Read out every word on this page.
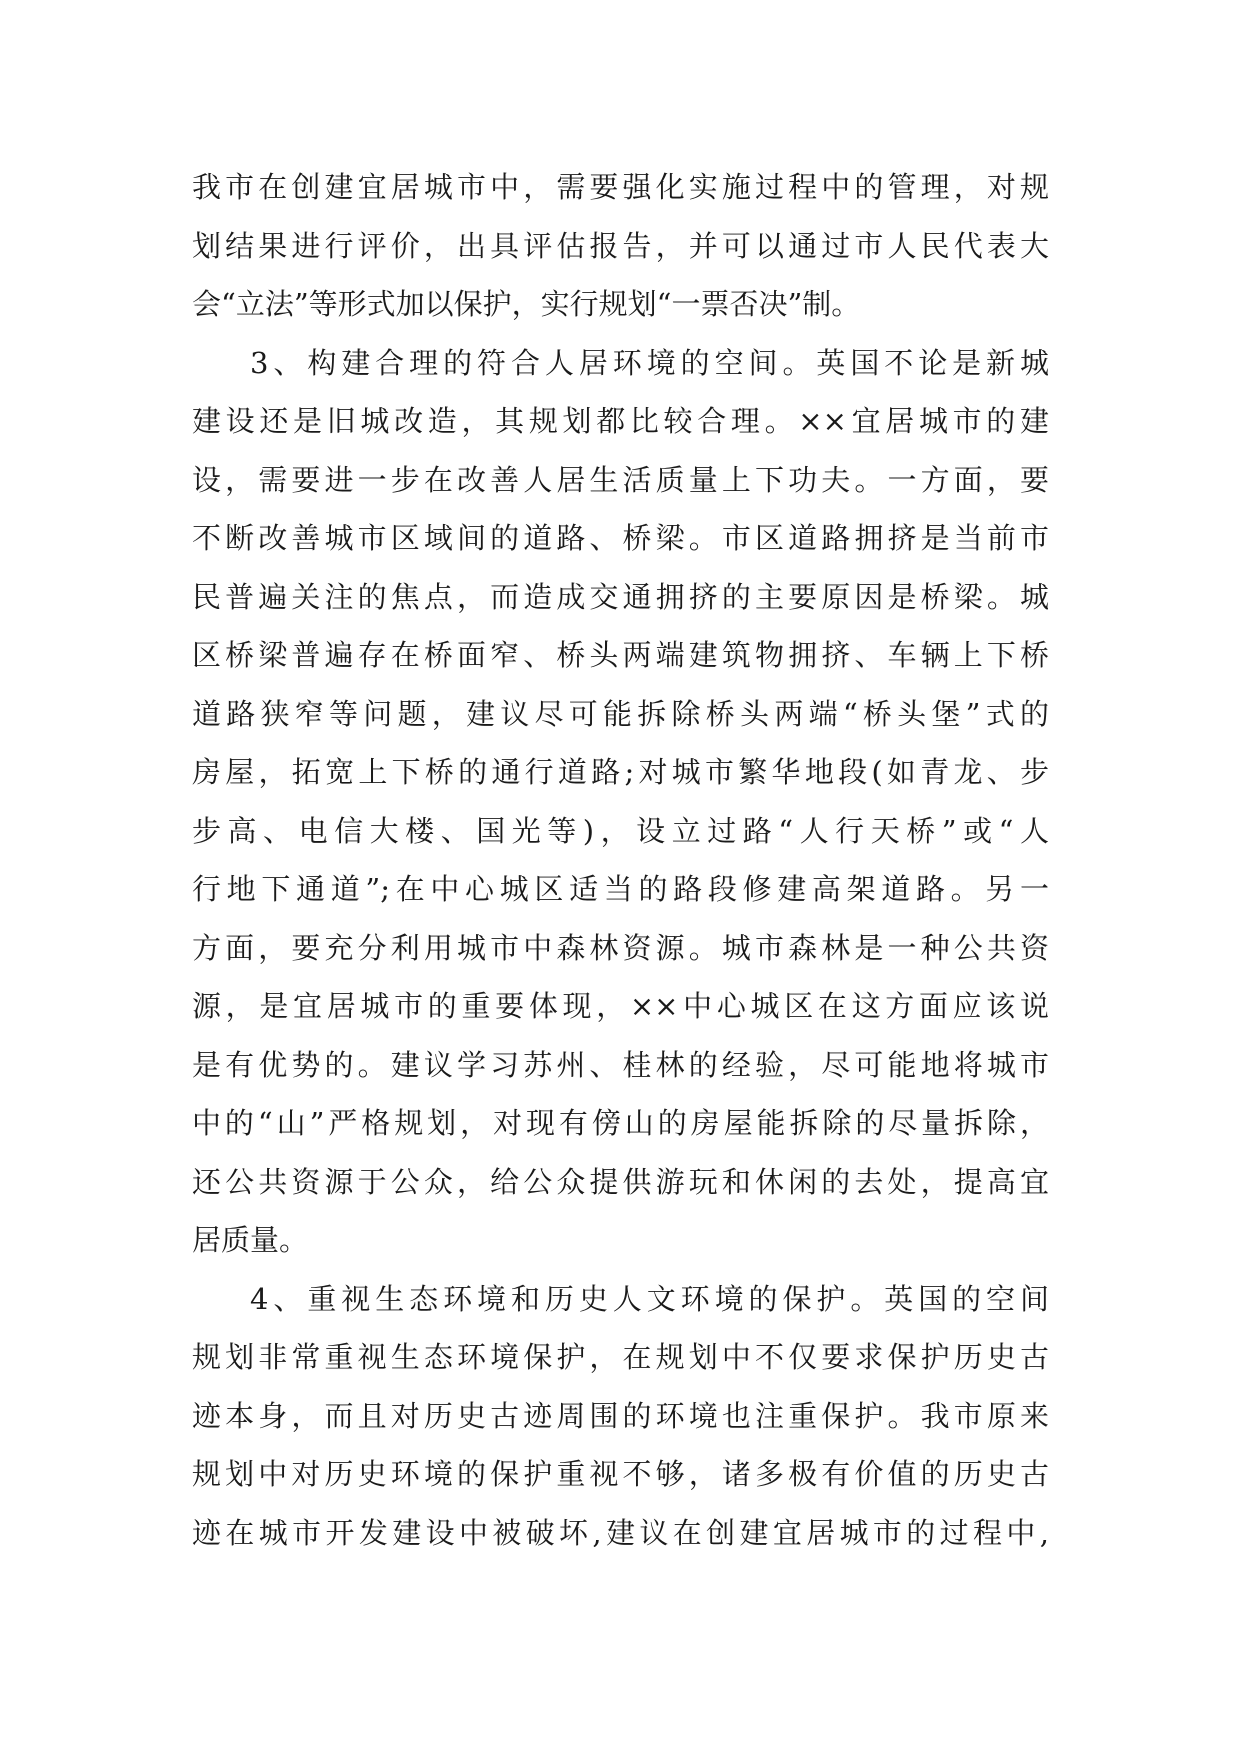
我市在创建宜居城市中，需要强化实施过程中的管理，对规
划结果进行评价，出具评估报告，并可以通过市人民代表大
会“立法”等形式加以保护，实行规划“一票否决”制。

3、构建合理的符合人居环境的空间。英国不论是新城
建设还是旧城改造，其规划都比较合理。××宜居城市的建
设，需要进一步在改善人居生活质量上下功夫。一方面，要
不断改善城市区域间的道路、桥梁。市区道路拥挤是当前市
民普遍关注的焦点，而造成交通拥挤的主要原因是桥梁。城
区桥梁普遍存在桥面窄、桥头两端建筑物拥挤、车辆上下桥
道路狭窄等问题，建议尽可能拆除桥头两端“桥头堡”式的
房屋，拓宽上下桥的通行道路;对城市繁华地段(如青龙、步
步高、电信大楼、国光等)，设立过路“人行天桥”或“人
行地下通道”;在中心城区适当的路段修建高架道路。另一
方面，要充分利用城市中森林资源。城市森林是一种公共资
源，是宜居城市的重要体现，××中心城区在这方面应该说
是有优势的。建议学习苏州、桂林的经验，尽可能地将城市
中的“山”严格规划，对现有傍山的房屋能拆除的尽量拆除，
还公共资源于公众，给公众提供游玩和休闲的去处，提高宜
居质量。

4、重视生态环境和历史人文环境的保护。英国的空间
规划非常重视生态环境保护，在规划中不仅要求保护历史古
迹本身，而且对历史古迹周围的环境也注重保护。我市原来
规划中对历史环境的保护重视不够，诸多极有价值的历史古
迹在城市开发建设中被破坏,建议在创建宜居城市的过程中,
